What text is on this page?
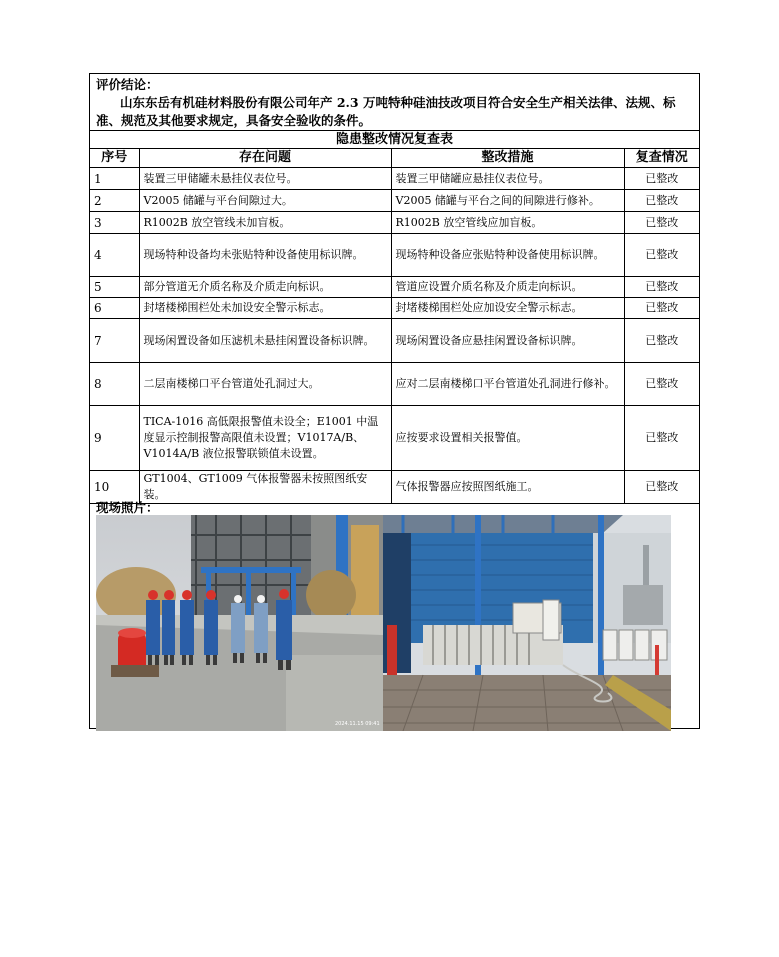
评价结论：
山东东岳有机硅材料股份有限公司年产 2.3 万吨特种硅油技改项目符合安全生产相关法律、法规、标准、规范及其他要求规定，具备安全验收的条件。
隐患整改情况复查表
序号	存在问题	整改措施	复查情况
1	装置三甲储罐未悬挂仪表位号。	装置三甲储罐应悬挂仪表位号。	已整改
2	V2005 储罐与平台间隙过大。	V2005 储罐与平台之间的间隙进行修补。	已整改
3	R1002B 放空管线未加盲板。	R1002B 放空管线应加盲板。	已整改
4	现场特种设备均未张贴特种设备使用标识牌。	现场特种设备应张贴特种设备使用标识牌。	已整改
5	部分管道无介质名称及介质走向标识。	管道应设置介质名称及介质走向标识。	已整改
6	封堵楼梯围栏处未加设安全警示标志。	封堵楼梯围栏处应加设安全警示标志。	已整改
7	现场闲置设备如压滤机未悬挂闲置设备标识牌。	现场闲置设备应悬挂闲置设备标识牌。	已整改
8	二层南楼梯口平台管道处孔洞过大。	应对二层南楼梯口平台管道处孔洞进行修补。	已整改
9	TICA-1016 高低限报警值未设全；E1001 中温度显示控制报警高限值未设置；V1017A/B、V1014A/B 液位报警联锁值未设置。	应按要求设置相关报警值。	已整改
10	GT1004、GT1009 气体报警器未按照图纸安装。	气体报警器应按照图纸施工。	已整改
现场照片：
2024.11.15 09:41
